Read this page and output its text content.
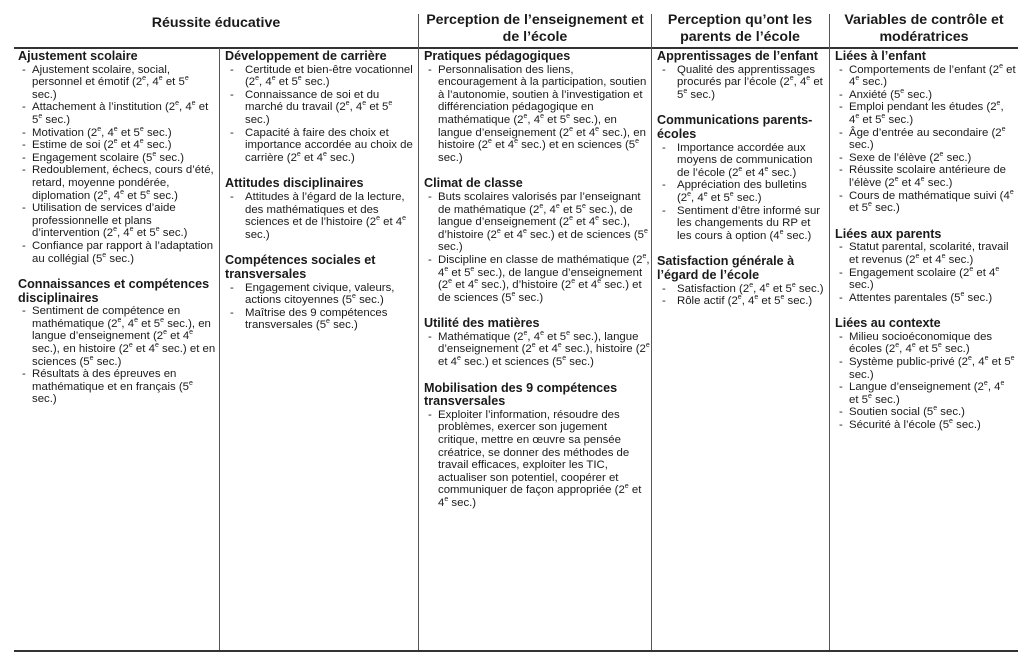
Réussite éducative	Perception de l’enseignement et de l’école
Perception qu’ont les parents de l’école
Variables de contrôle et modératrices
Ajustement scolaire
- Ajustement scolaire, social, personnel et émotif (2e, 4e et 5e sec.)
- Attachement à l’institution (2e, 4e et 5e sec.)
- Motivation (2e, 4e et 5e sec.)
- Estime de soi (2e et 4e sec.)
- Engagement scolaire (5e sec.)
- Redoublement, échecs, cours d’été, retard, moyenne pondérée, diplomation (2e, 4e et 5e sec.)
- Utilisation de services d’aide professionnelle et plans d’intervention (2e, 4e et 5e sec.)
- Confiance par rapport à l’adaptation au collégial (5e sec.)
Connaissances et compétences disciplinaires
- Sentiment de compétence en mathématique (2e, 4e et 5e sec.), en langue d’enseignement (2e et 4e sec.), en histoire (2e et 4e sec.) et en sciences (5e sec.)
- Résultats à des épreuves en mathématique et en français (5e sec.)
Développement de carrière
- Certitude et bien-être vocationnel (2e, 4e et 5e sec.)
- Connaissance de soi et du marché du travail (2e, 4e et 5e sec.)
- Capacité à faire des choix et importance accordée au choix de carrière (2e et 4e sec.)
Attitudes disciplinaires
- Attitudes à l’égard de la lecture, des mathématiques et des sciences et de l’histoire (2e et 4e sec.)
Compétences sociales et transversales
- Engagement civique, valeurs, actions citoyennes (5e sec.)
- Maîtrise des 9 compétences transversales (5e sec.)
Pratiques pédagogiques
- Personnalisation des liens, encouragement à la participation, soutien à l’autonomie, soutien à l’investigation et différenciation pédagogique en mathématique (2e, 4e et 5e sec.), en langue d’enseignement (2e et 4e sec.), en histoire (2e et 4e sec.) et en sciences (5e sec.)
Climat de classe
- Buts scolaires valorisés par l’enseignant de mathématique (2e, 4e et 5e sec.), de langue d’enseignement (2e et 4e sec.), d’histoire (2e et 4e sec.) et de sciences (5e sec.)
- Discipline en classe de mathématique (2e, 4e et 5e sec.), de langue d’enseignement (2e et 4e sec.), d’histoire (2e et 4e sec.) et de sciences (5e sec.)
Utilité des matières
- Mathématique (2e, 4e et 5e sec.), langue d’enseignement (2e et 4e sec.), histoire (2e et 4e sec.) et sciences (5e sec.)
Mobilisation des 9 compétences transversales
- Exploiter l’information, résoudre des problèmes, exercer son jugement critique, mettre en œuvre sa pensée créatrice, se donner des méthodes de travail efficaces, exploiter les TIC, actualiser son potentiel, coopérer et communiquer de façon appropriée (2e et 4e sec.)
Apprentissages de l’enfant
- Qualité des apprentissages procurés par l’école (2e, 4e et 5e sec.)
Communications parents-écoles
- Importance accordée aux moyens de communication de l’école (2e et 4e sec.)
- Appréciation des bulletins (2e, 4e et 5e sec.)
- Sentiment d’être informé sur les changements du RP et les cours à option (4e sec.)
Satisfaction générale à l’égard de l’école
- Satisfaction (2e, 4e et 5e sec.)
- Rôle actif (2e, 4e et 5e sec.)
Liées à l’enfant
- Comportements de l’enfant (2e et 4e sec.)
- Anxiété (5e sec.)
- Emploi pendant les études (2e, 4e et 5e sec.)
- Âge d’entrée au secondaire (2e sec.)
- Sexe de l’élève (2e sec.)
- Réussite scolaire antérieure de l’élève (2e et 4e sec.)
- Cours de mathématique suivi (4e et 5e sec.)
Liées aux parents
- Statut parental, scolarité, travail et revenus (2e et 4e sec.)
- Engagement scolaire (2e et 4e sec.)
- Attentes parentales (5e sec.)
Liées au contexte
- Milieu socioéconomique des écoles (2e, 4e et 5e sec.)
- Système public-privé (2e, 4e et 5e sec.)
- Langue d’enseignement (2e, 4e et 5e sec.)
- Soutien social (5e sec.)
- Sécurité à l’école (5e sec.)
